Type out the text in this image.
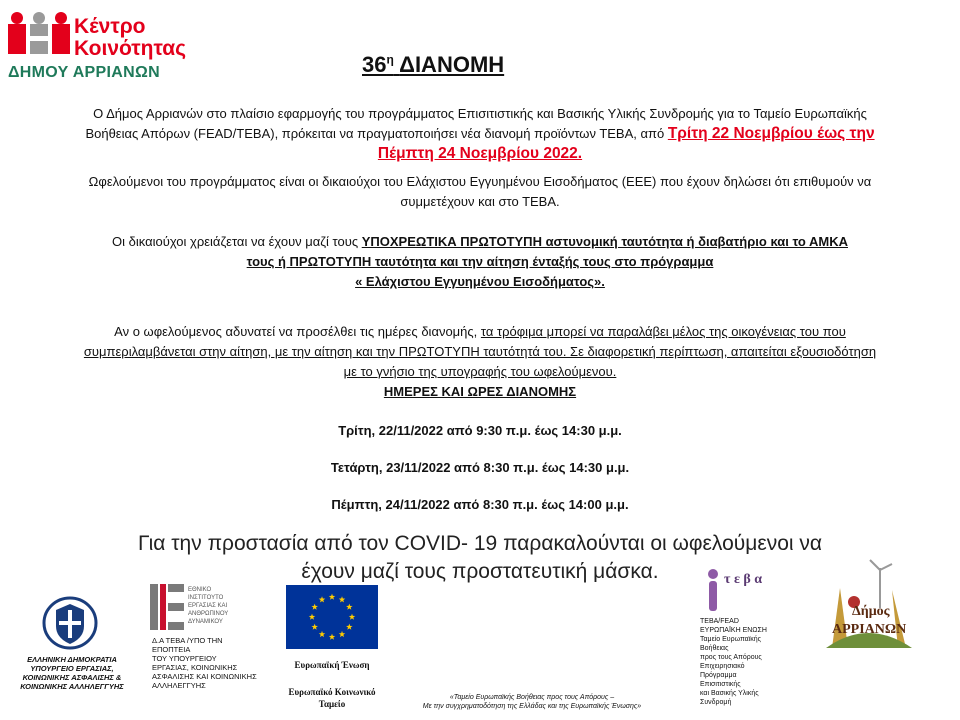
Κέντρο
Κοινότητας
ΔΗΜΟΥ ΑΡΡΙΑΝΩΝ	$36^\eta$ ΔΙΑΝΟΜΗ
Ο Δήμος Αρριανών στο πλαίσιο εφαρμογής του προγράμματος Επισιτιστικής και Βασικής Υλικής Συνδρομής για το Ταμείο Ευρωπαϊκής
Βοήθειας Απόρων (FEAD/ΤΕΒΑ), πρόκειται να πραγματοποιήσει νέα διανομή προϊόντων ΤΕΒΑ, από Τρίτη 22 Νοεμβρίου έως την
Πέμπτη 24 Νοεμβρίου 2022.
Ωφελούμενοι του προγράμματος είναι οι δικαιούχοι του Ελάχιστου Εγγυημένου Εισοδήματος (ΕΕΕ) που έχουν δηλώσει ότι επιθυμούν να
συμμετέχουν και στο ΤΕΒΑ.
Οι δικαιούχοι χρειάζεται να έχουν μαζί τους ΥΠΟΧΡΕΩΤΙΚΑ ΠΡΩΤΟΤΥΠΗ αστυνομική ταυτότητα ή διαβατήριο και το ΑΜΚΑ
τους ή ΠΡΩΤΟΤΥΠΗ ταυτότητα και την αίτηση ένταξής τους στο πρόγραμμα
« Ελάχιστου Εγγυημένου Εισοδήματος».
Αν ο ωφελούμενος αδυνατεί να προσέλθει τις ημέρες διανομής, τα τρόφιμα μπορεί να παραλάβει μέλος της οικογένειας του που
συμπεριλαμβάνεται στην αίτηση, με την αίτηση και την ΠΡΩΤΟΤΥΠΗ ταυτότητά του. Σε διαφορετική περίπτωση, απαιτείται εξουσιοδότηση
με το γνήσιο της υπογραφής του ωφελούμενου.
ΗΜΕΡΕΣ ΚΑΙ ΩΡΕΣ ΔΙΑΝΟΜΗΣ
Τρίτη, 22/11/2022 από 9:30 π.μ. έως 14:30 μ.μ.
Τετάρτη, 23/11/2022 από 8:30 π.μ. έως 14:30 μ.μ.
Πέμπτη, 24/11/2022 από 8:30 π.μ. έως 14:00 μ.μ.
Για την προστασία από τον COVID- 19 παρακαλούνται οι ωφελούμενοι να
έχουν μαζί τους προστατευτική μάσκα.
ΕΛΛΗΝΙΚΗ ΔΗΜΟΚΡΑΤΙΑ
ΥΠΟΥΡΓΕΙΟ ΕΡΓΑΣΙΑΣ,
ΚΟΙΝΩΝΙΚΗΣ ΑΣΦΑΛΙΣΗΣ &
ΚΟΙΝΩΝΙΚΗΣ ΑΛΛΗΛΕΓΓΥΗΣ
ΕΘΝΙΚΟ
ΙΝΣΤΙΤΟΥΤΟ
ΕΡΓΑΣΙΑΣ ΚΑΙ
ΑΝΘΡΩΠΙΝΟΥ
ΔΥΝΑΜΙΚΟΥ
Δ.Α ΤΕΒΑ /ΥΠΟ ΤΗΝ
ΕΠΟΠΤΕΙΑ
ΤΟΥ ΥΠΟΥΡΓΕΙΟΥ
ΕΡΓΑΣΙΑΣ, ΚΟΙΝΩΝΙΚΗΣ
ΑΣΦΑΛΙΣΗΣ ΚΑΙ ΚΟΙΝΩΝΙΚΗΣ
ΑΛΛΗΛΕΓΓΥΗΣ
Ευρωπαϊκή Ένωση
Ευρωπαϊκό Κοινωνικό
Ταμείο
«Ταμείο Ευρωπαϊκής Βοήθειας προς τους Απόρους –
Με την συγχρηματοδότηση της Ελλάδας και της Ευρωπαϊκής Ένωσης»
τ ε β α
ΤΕΒΑ/FEAD
ΕΥΡΩΠΑΪΚΗ ΕΝΩΣΗ
Ταμείο Ευρωπαϊκής
Βοήθειας
προς τους Απόρους
Επιχειρησιακό
Πρόγραμμα
Επισιτιστικής
και Βασικής Υλικής
Συνδρομή
Δήμος
ΑΡΡΙΑΝΩΝ
